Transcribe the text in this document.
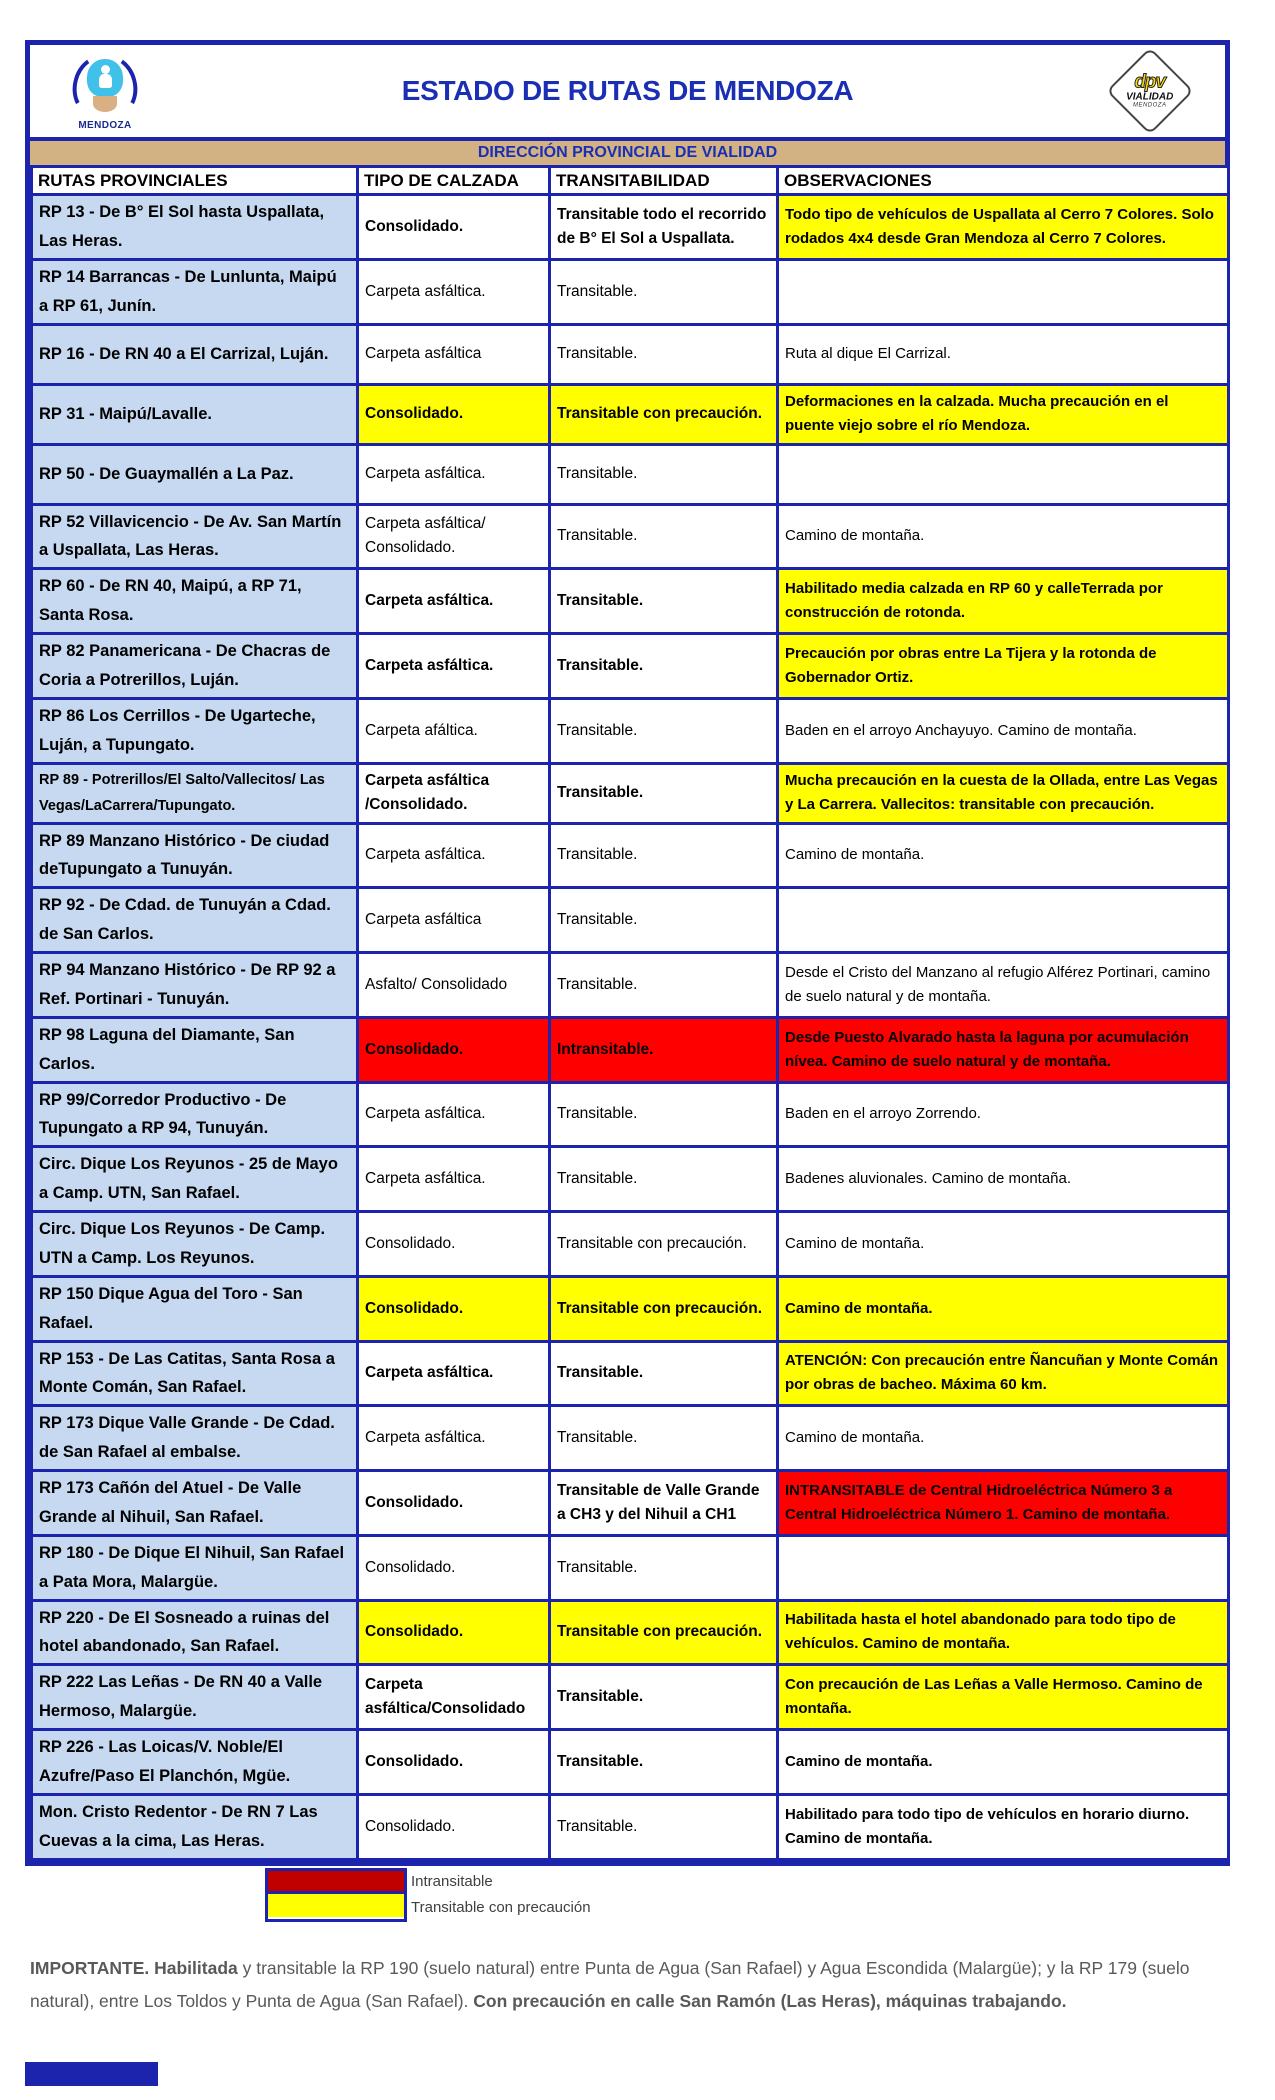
MENDOZA
ESTADO DE RUTAS DE MENDOZA	dpv
VIALIDAD
MENDOZA
DIRECCIÓN PROVINCIAL DE VIALIDAD
RUTAS PROVINCIALES	TIPO DE CALZADA	TRANSITABILIDAD	OBSERVACIONES
RP 13 - De B° El Sol hasta Uspallata, Las Heras.	Consolidado.	Transitable todo el recorrido de B° El Sol a Uspallata.	Todo tipo de vehículos de Uspallata al Cerro 7 Colores. Solo rodados 4x4 desde Gran Mendoza al Cerro 7 Colores.
RP 14 Barrancas - De Lunlunta, Maipú a RP 61, Junín.	Carpeta asfáltica.	Transitable.	
RP 16 - De RN 40 a El Carrizal, Luján.	Carpeta asfáltica	Transitable.	Ruta al dique El Carrizal.
RP 31 - Maipú/Lavalle.	Consolidado.	Transitable con precaución.	Deformaciones en la calzada. Mucha precaución en el puente viejo sobre el río Mendoza.
RP 50 - De Guaymallén a La Paz.	Carpeta asfáltica.	Transitable.	
RP 52 Villavicencio - De Av. San Martín a Uspallata, Las Heras.	Carpeta asfáltica/ Consolidado.	Transitable.	Camino de montaña.
RP 60 - De RN 40, Maipú, a RP 71, Santa Rosa.	Carpeta asfáltica.	Transitable.	Habilitado media calzada en RP 60 y calleTerrada por construcción de rotonda.
RP 82 Panamericana - De Chacras de Coria a Potrerillos, Luján.	Carpeta asfáltica.	Transitable.	Precaución por obras entre La Tijera y la rotonda de Gobernador Ortiz.
RP 86 Los Cerrillos - De Ugarteche, Luján, a Tupungato.	Carpeta afáltica.	Transitable.	Baden en el arroyo Anchayuyo. Camino de montaña.
RP 89 - Potrerillos/El Salto/Vallecitos/ Las Vegas/LaCarrera/Tupungato.	Carpeta asfáltica /Consolidado.	Transitable.	Mucha precaución en la cuesta de la Ollada, entre Las Vegas y La Carrera. Vallecitos: transitable con precaución.
RP 89 Manzano Histórico - De ciudad deTupungato a Tunuyán.	Carpeta asfáltica.	Transitable.	Camino de montaña.
RP 92 - De Cdad. de Tunuyán a Cdad. de San Carlos.	Carpeta asfáltica	Transitable.	
RP 94 Manzano Histórico - De RP 92 a Ref. Portinari - Tunuyán.	Asfalto/ Consolidado	Transitable.	Desde el Cristo del Manzano al refugio Alférez Portinari, camino de suelo natural y de montaña.
RP 98 Laguna del Diamante, San Carlos.	Consolidado.	Intransitable.	Desde Puesto Alvarado hasta la laguna por acumulación nívea. Camino de suelo natural y de montaña.
RP 99/Corredor Productivo - De Tupungato a RP 94, Tunuyán.	Carpeta asfáltica.	Transitable.	Baden en el arroyo Zorrendo.
Circ. Dique Los Reyunos - 25 de Mayo a Camp. UTN, San Rafael.	Carpeta asfáltica.	Transitable.	Badenes aluvionales. Camino de montaña.
Circ. Dique Los Reyunos - De Camp. UTN a Camp. Los Reyunos.	Consolidado.	Transitable con precaución.	Camino de montaña.
RP 150 Dique Agua del Toro - San Rafael.	Consolidado.	Transitable con precaución.	Camino de montaña.
RP 153 - De Las Catitas, Santa Rosa a Monte Comán, San Rafael.	Carpeta asfáltica.	Transitable.	ATENCIÓN: Con precaución entre Ñancuñan y Monte Comán por obras de bacheo. Máxima 60 km.
RP 173 Dique Valle Grande - De Cdad. de San Rafael al embalse.	Carpeta asfáltica.	Transitable.	Camino de montaña.
RP 173 Cañón del Atuel - De Valle Grande al Nihuil, San Rafael.	Consolidado.	Transitable de Valle Grande a CH3 y del Nihuil a CH1	INTRANSITABLE de Central Hidroeléctrica Número 3 a Central Hidroeléctrica Número 1. Camino de montaña.
RP 180 - De Dique El Nihuil, San Rafael a Pata Mora, Malargüe.	Consolidado.	Transitable.	
RP 220 - De El Sosneado a ruinas del hotel abandonado, San Rafael.	Consolidado.	Transitable con precaución.	Habilitada hasta el hotel abandonado para todo tipo de vehículos. Camino de montaña.
RP 222 Las Leñas - De RN 40 a Valle Hermoso, Malargüe.	Carpeta asfáltica/Consolidado	Transitable.	Con precaución de Las Leñas a Valle Hermoso. Camino de montaña.
RP 226 - Las Loicas/V. Noble/El Azufre/Paso El Planchón, Mgüe.	Consolidado.	Transitable.	Camino de montaña.
Mon. Cristo Redentor - De RN 7 Las Cuevas a la cima, Las Heras.	Consolidado.	Transitable.	Habilitado para todo tipo de vehículos en horario diurno. Camino de montaña.
Intransitable
Transitable con precaución
IMPORTANTE. Habilitada y transitable la RP 190 (suelo natural) entre Punta de Agua (San Rafael) y Agua Escondida (Malargüe); y la RP 179 (suelo natural), entre Los Toldos y Punta de Agua (San Rafael). Con precaución en calle San Ramón (Las Heras), máquinas trabajando.
